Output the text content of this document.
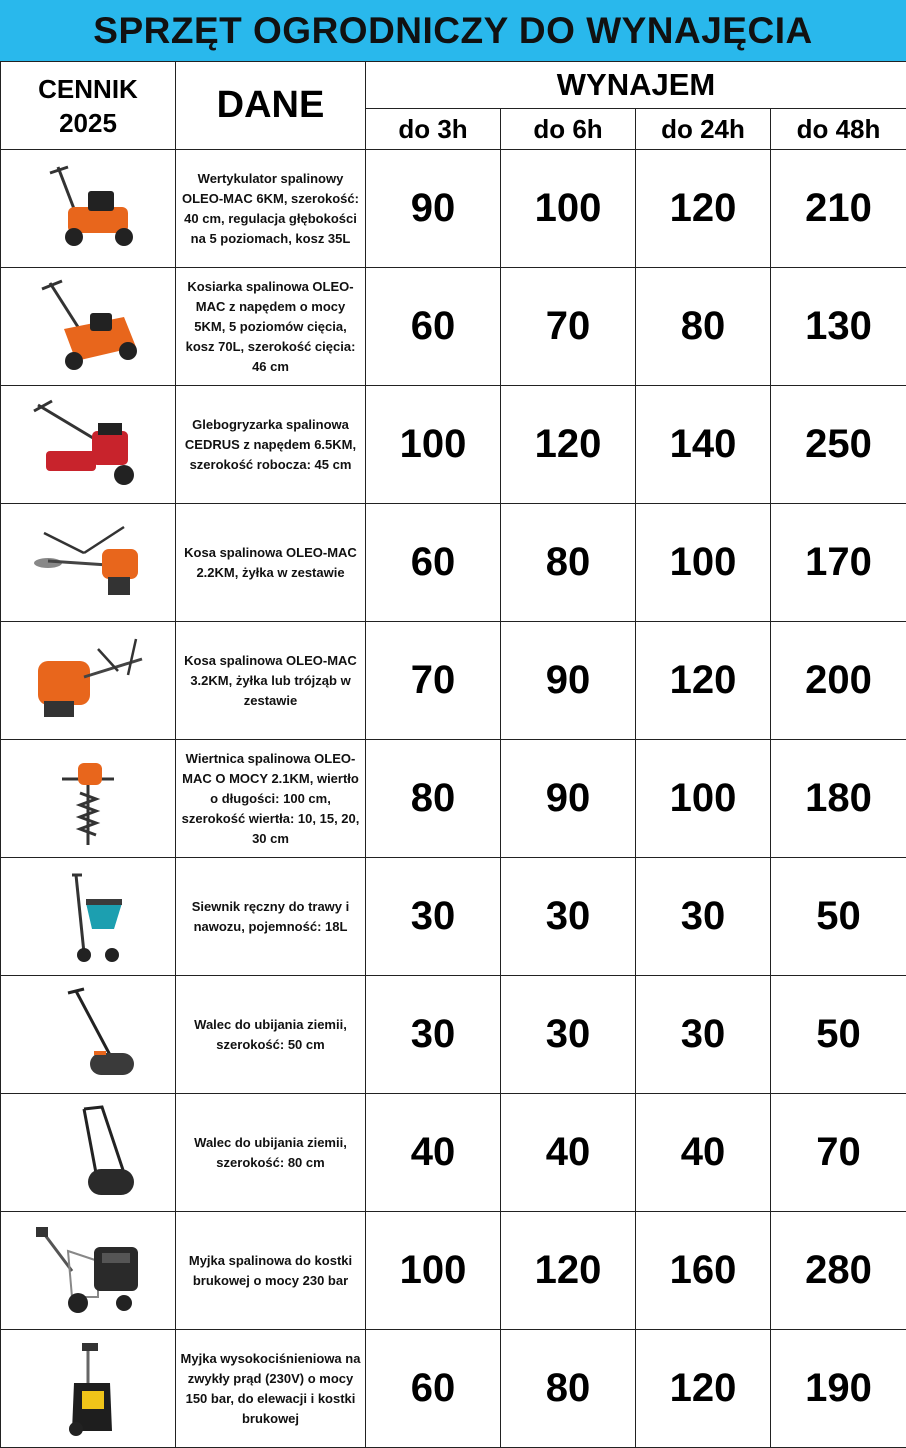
SPRZĘT OGRODNICZY DO WYNAJĘCIA
CENNIK
2025	DANE	WYNAJEM			
		do 3h	do 6h	do 24h	do 48h

	Wertykulator spalinowy OLEO-MAC 6KM, szerokość: 40 cm, regulacja głębokości na 5 poziomach, kosz 35L	90	100	120	210

	Kosiarka spalinowa OLEO-MAC z napędem o mocy 5KM, 5 poziomów cięcia, kosz 70L, szerokość cięcia: 46 cm	60	70	80	130

	Glebogryzarka spalinowa CEDRUS z napędem 6.5KM, szerokość robocza: 45 cm	100	120	140	250

	Kosa spalinowa OLEO-MAC 2.2KM, żyłka w zestawie	60	80	100	170

	Kosa spalinowa OLEO-MAC 3.2KM, żyłka lub trójząb w zestawie	70	90	120	200

	Wiertnica spalinowa OLEO-MAC O MOCY 2.1KM, wiertło o długości: 100 cm, szerokość wiertła: 10, 15, 20, 30 cm	80	90	100	180

	Siewnik ręczny do trawy i nawozu, pojemność: 18L	30	30	30	50

	Walec do ubijania ziemii, szerokość: 50 cm	30	30	30	50

	Walec do ubijania ziemii, szerokość: 80 cm	40	40	40	70

	Myjka spalinowa do kostki brukowej o mocy 230 bar	100	120	160	280

	Myjka wysokociśnieniowa na zwykły prąd (230V) o mocy 150 bar, do elewacji i kostki brukowej	60	80	120	190
